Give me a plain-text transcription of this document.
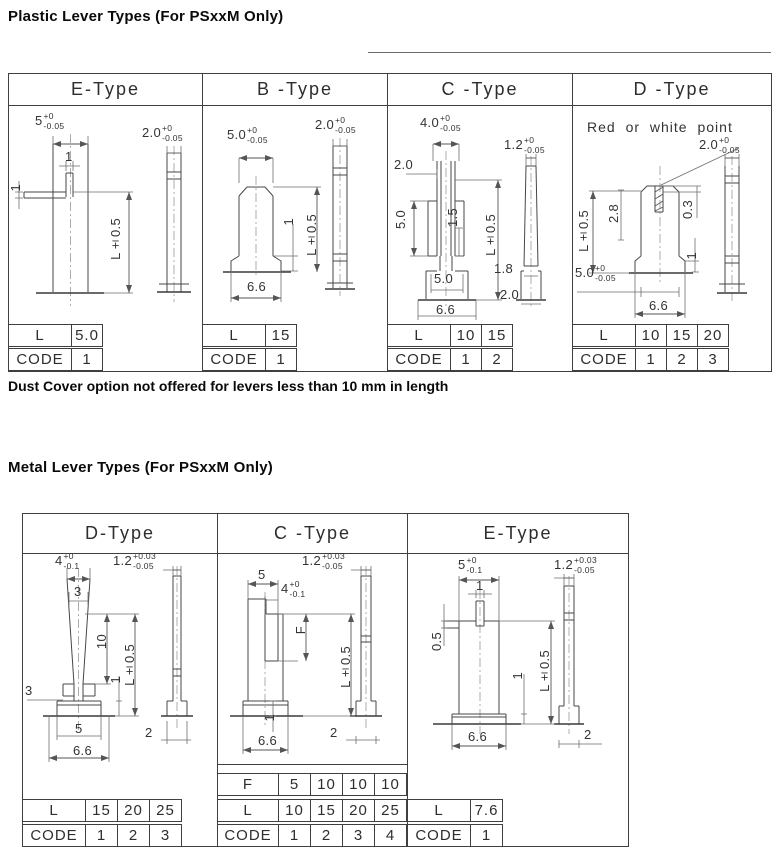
Plastic Lever Types (For PSxxM Only)
E-Type
5 +0
-0.05	2.0 +0
-0.05
1
1
L±0.5
L	5.0
CODE	1
B -Type
5.0 +0
-0.05
2.0 +0
-0.05
1 L±0.5
6.6
L	15
CODE	1
C -Type
4.0 +0
-0.05
2.0
5.0	1.5 L±0.5
1.2 +0
-0.05
1.8
2.0
5.0
6.6
L	10 15
CODE	1	2
D -Type
Red or white point
2.0 +0
-0.05
L±0.5 2.8	0.3
1
5.0 +0
-0.05
6.6
L	10 15 20
CODE	1	2	3
Dust Cover option not offered for levers less than 10 mm in length
Metal Lever Types (For PSxxM Only)
D-Type
4 +0
-0.1	1.2 +0.03
-0.05
3
3
10
L±0.5
5
6.6
1
2
L	15 20 25
CODE	1	2	3
C -Type
5
4 +0
-0.1
F
L±0.5
1
6.6
1.2 +0.03
-0.05
2
F	5	10 10 10
L	10 15 20 25
CODE	1	2	3	4
E-Type
5 +0
-0.1
1
0.5
L±0.5
1
6.6
1.2 +0.03
-0.05
2
L	7.6
CODE	1
